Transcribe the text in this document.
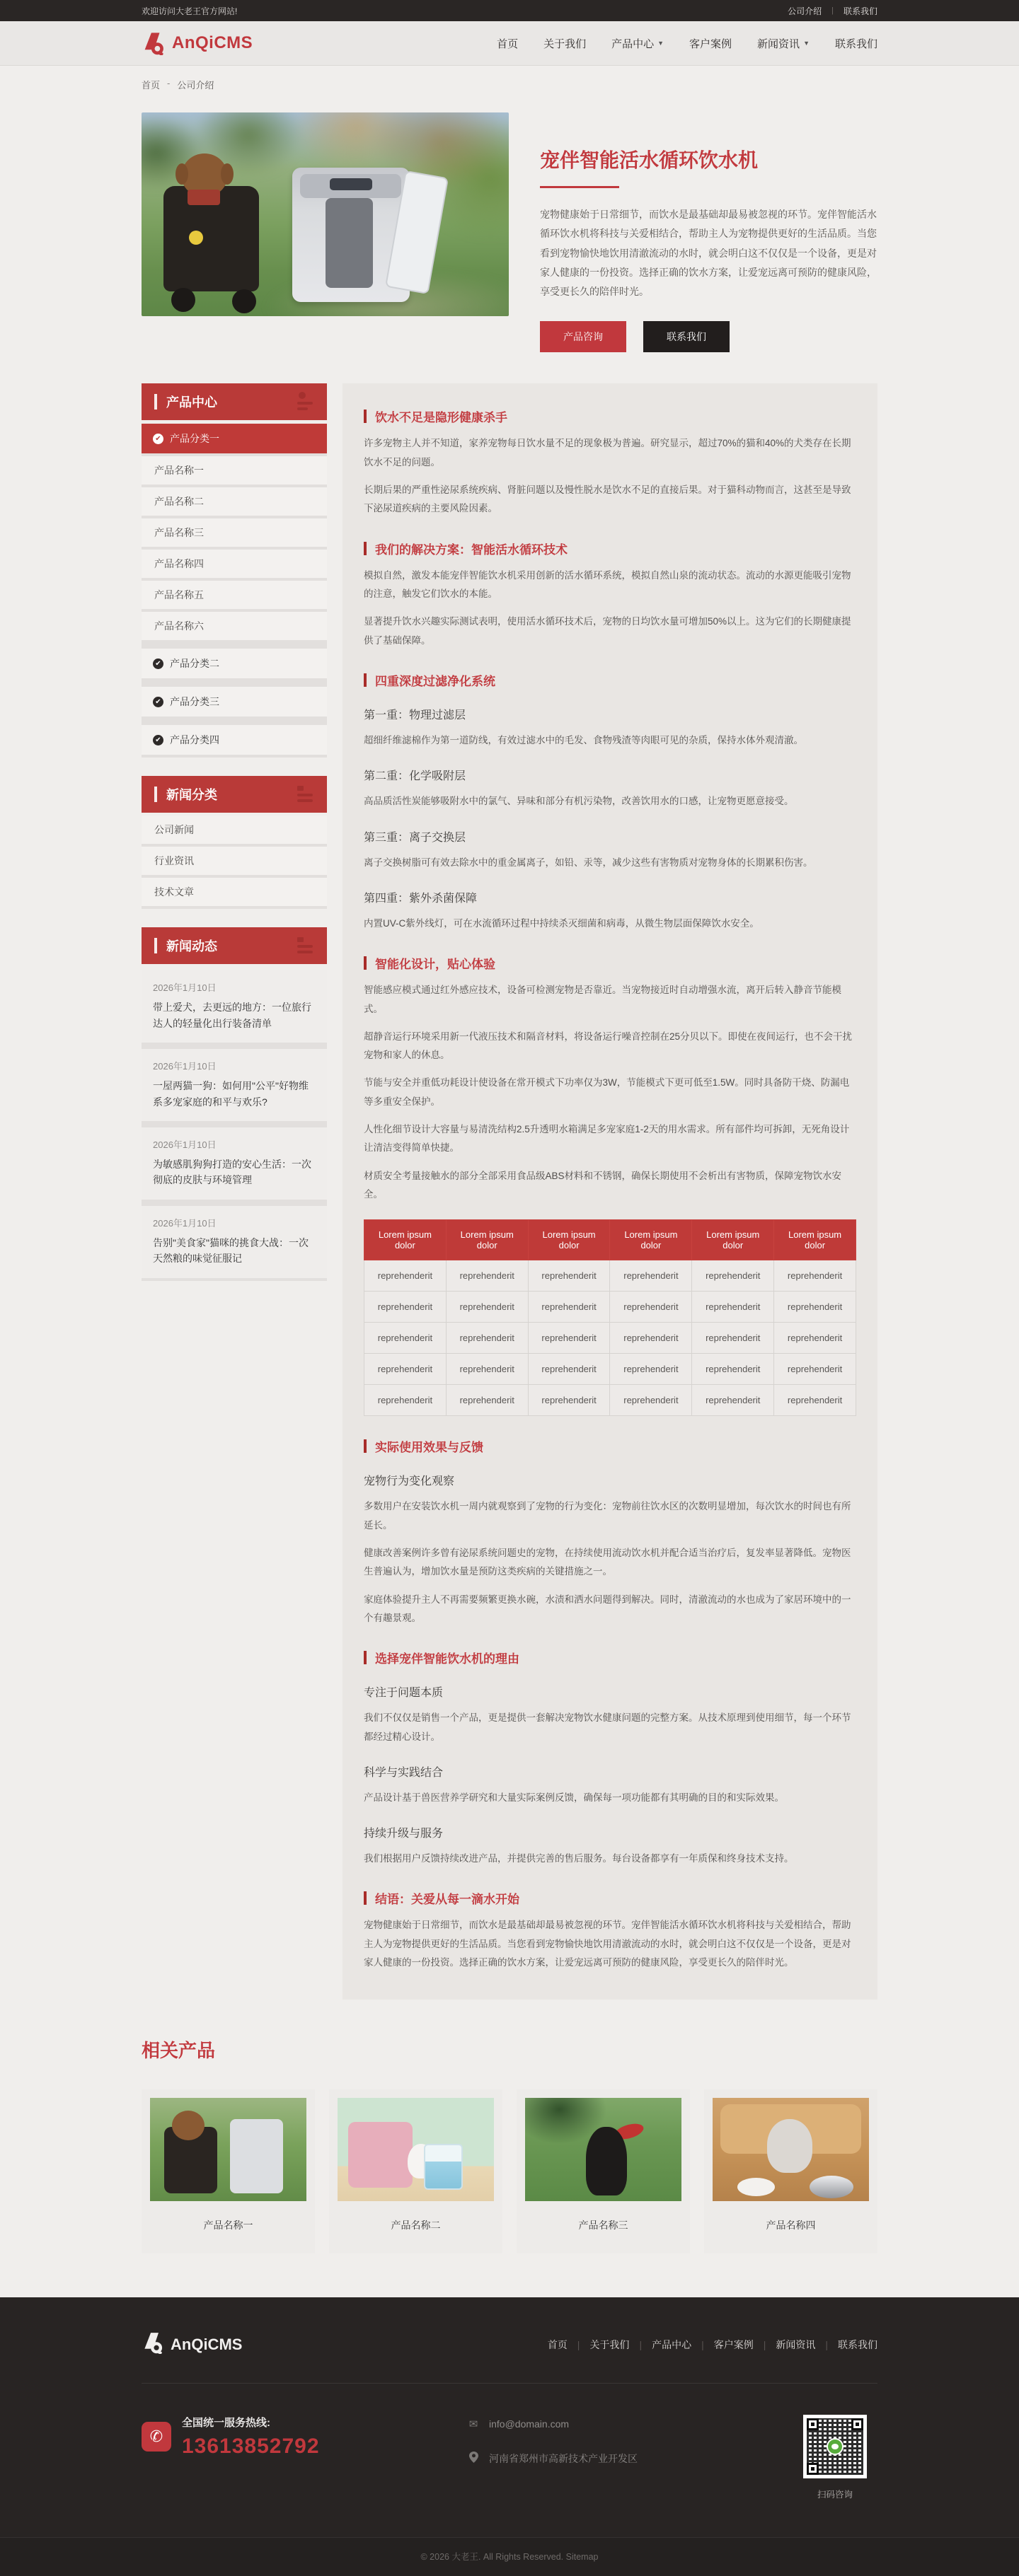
欢迎访问大老王官方网站!	公司介绍 | 联系我们
AnQiCMS	首页 关于我们 产品中心 ▼ 客户案例 新闻资讯 ▼ 联系我们
首页 - 公司介绍
宠伴智能活水循环饮水机
宠物健康始于日常细节，而饮水是最基础却最易被忽视的环节。宠伴智能活水循环饮水机将科技与关爱相结合，帮助主人为宠物提供更好的生活品质。当您看到宠物愉快地饮用清澈流动的水时，就会明白这不仅仅是一个设备，更是对家人健康的一份投资。选择正确的饮水方案，让爱宠远离可预防的健康风险，享受更长久的陪伴时光。
产品咨询	联系我们
产品中心
✔ 产品分类一
产品名称一
产品名称二
产品名称三
产品名称四
产品名称五
产品名称六
✔ 产品分类二
✔ 产品分类三
✔ 产品分类四
新闻分类
公司新闻
行业资讯
技术文章
新闻动态
2026年1月10日
带上爱犬，去更远的地方：一位旅行达人的轻量化出行装备清单
2026年1月10日
一屋两猫一狗：如何用"公平"好物维系多宠家庭的和平与欢乐?
2026年1月10日
为敏感肌狗狗打造的安心生活：一次彻底的皮肤与环境管理
2026年1月10日
告别"美食家"猫咪的挑食大战：一次天然粮的味觉征服记
饮水不足是隐形健康杀手

许多宠物主人并不知道，家养宠物每日饮水量不足的现象极为普遍。研究显示，超过70%的猫和40%的犬类存在长期饮水不足的问题。

长期后果的严重性泌尿系统疾病、肾脏问题以及慢性脱水是饮水不足的直接后果。对于猫科动物而言，这甚至是导致下泌尿道疾病的主要风险因素。

我们的解决方案：智能活水循环技术

模拟自然，激发本能宠伴智能饮水机采用创新的活水循环系统，模拟自然山泉的流动状态。流动的水源更能吸引宠物的注意，触发它们饮水的本能。

显著提升饮水兴趣实际测试表明，使用活水循环技术后，宠物的日均饮水量可增加50%以上。这为它们的长期健康提供了基础保障。

四重深度过滤净化系统
第一重：物理过滤层

超细纤维滤棉作为第一道防线，有效过滤水中的毛发、食物残渣等肉眼可见的杂质，保持水体外观清澈。

第二重：化学吸附层

高品质活性炭能够吸附水中的氯气、异味和部分有机污染物，改善饮用水的口感，让宠物更愿意接受。

第三重：离子交换层

离子交换树脂可有效去除水中的重金属离子，如铅、汞等，减少这些有害物质对宠物身体的长期累积伤害。

第四重：紫外杀菌保障

内置UV-C紫外线灯，可在水流循环过程中持续杀灭细菌和病毒，从微生物层面保障饮水安全。

智能化设计，贴心体验

智能感应模式通过红外感应技术，设备可检测宠物是否靠近。当宠物接近时自动增强水流，离开后转入静音节能模式。

超静音运行环境采用新一代液压技术和隔音材料，将设备运行噪音控制在25分贝以下。即使在夜间运行，也不会干扰宠物和家人的休息。

节能与安全并重低功耗设计使设备在常开模式下功率仅为3W，节能模式下更可低至1.5W。同时具备防干烧、防漏电等多重安全保护。

人性化细节设计大容量与易清洗结构2.5升透明水箱满足多宠家庭1-2天的用水需求。所有部件均可拆卸，无死角设计让清洁变得简单快捷。

材质安全考量接触水的部分全部采用食品级ABS材料和不锈钢，确保长期使用不会析出有害物质，保障宠物饮水安全。

Lorem ipsum dolor	Lorem ipsum dolor	Lorem ipsum dolor	Lorem ipsum dolor	Lorem ipsum dolor	Lorem ipsum dolor
reprehenderit	reprehenderit	reprehenderit	reprehenderit	reprehenderit	reprehenderit
reprehenderit	reprehenderit	reprehenderit	reprehenderit	reprehenderit	reprehenderit
reprehenderit	reprehenderit	reprehenderit	reprehenderit	reprehenderit	reprehenderit
reprehenderit	reprehenderit	reprehenderit	reprehenderit	reprehenderit	reprehenderit
reprehenderit	reprehenderit	reprehenderit	reprehenderit	reprehenderit	reprehenderit
实际使用效果与反馈
宠物行为变化观察

多数用户在安装饮水机一周内就观察到了宠物的行为变化：宠物前往饮水区的次数明显增加，每次饮水的时间也有所延长。

健康改善案例许多曾有泌尿系统问题史的宠物，在持续使用流动饮水机并配合适当治疗后，复发率显著降低。宠物医生普遍认为，增加饮水量是预防这类疾病的关键措施之一。

家庭体验提升主人不再需要频繁更换水碗，水渍和洒水问题得到解决。同时，清澈流动的水也成为了家居环境中的一个有趣景观。

选择宠伴智能饮水机的理由
专注于问题本质

我们不仅仅是销售一个产品，更是提供一套解决宠物饮水健康问题的完整方案。从技术原理到使用细节，每一个环节都经过精心设计。

科学与实践结合

产品设计基于兽医营养学研究和大量实际案例反馈，确保每一项功能都有其明确的目的和实际效果。

持续升级与服务

我们根据用户反馈持续改进产品，并提供完善的售后服务。每台设备都享有一年质保和终身技术支持。

结语：关爱从每一滴水开始

宠物健康始于日常细节，而饮水是最基础却最易被忽视的环节。宠伴智能活水循环饮水机将科技与关爱相结合，帮助主人为宠物提供更好的生活品质。当您看到宠物愉快地饮用清澈流动的水时，就会明白这不仅仅是一个设备，更是对家人健康的一份投资。选择正确的饮水方案，让爱宠远离可预防的健康风险，享受更长久的陪伴时光。

相关产品
产品名称一	产品名称二	产品名称三	产品名称四
AnQiCMS	首页 | 关于我们 | 产品中心 | 客户案例 | 新闻资讯 | 联系我们
✆
全国统一服务热线:
13613852792
✉ info@domain.com
河南省郑州市高新技术产业开发区
扫码咨询
© 2026 大老王. All Rights Reserved. Sitemap
